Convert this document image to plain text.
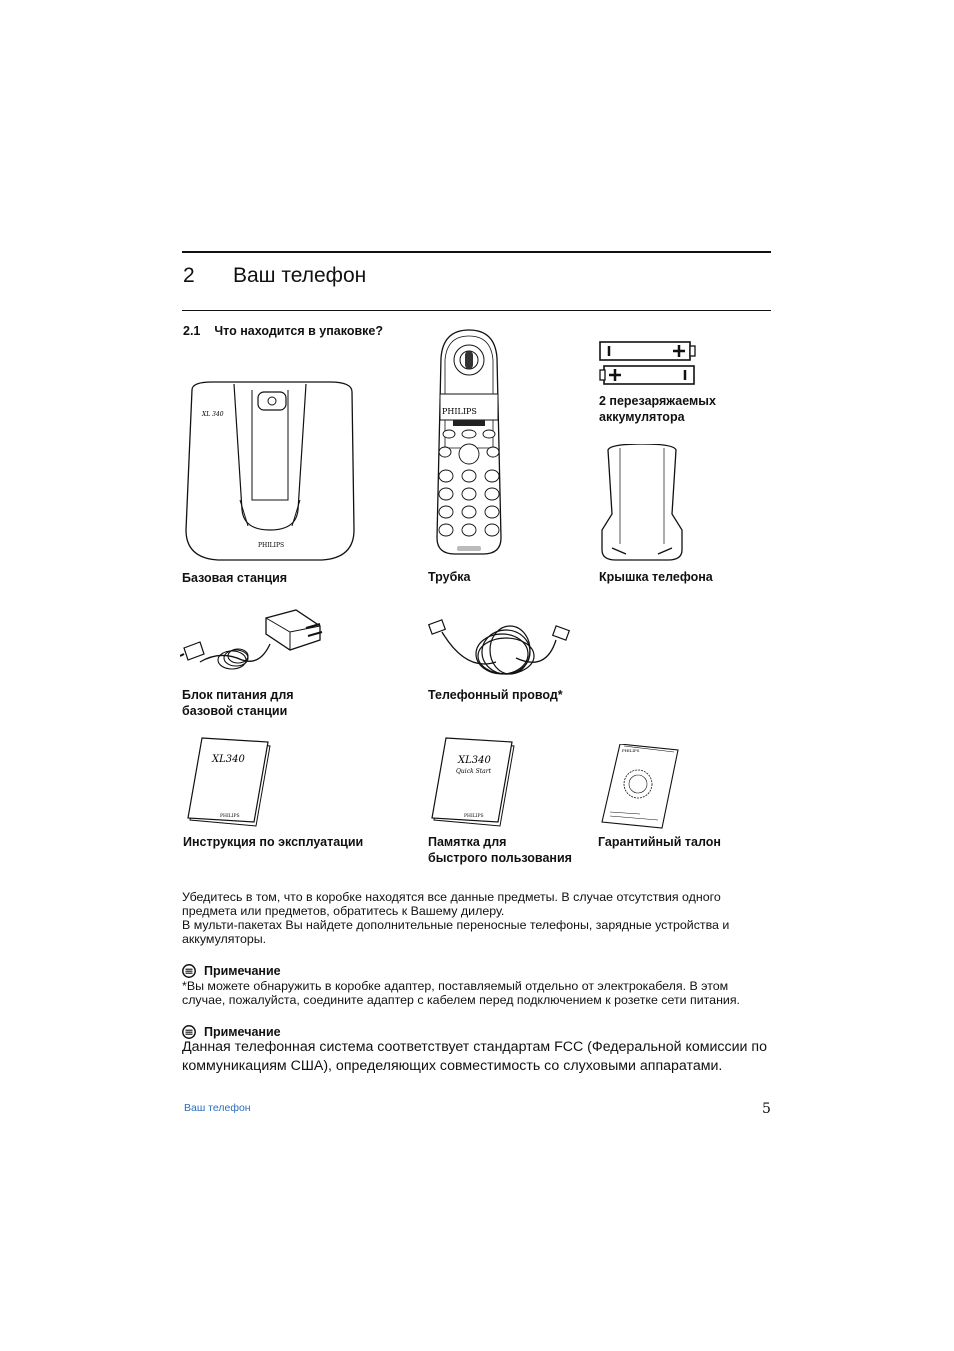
2 Ваш телефон
2.1 Что находится в упаковке?
XL 340
PHILIPS
PHILIPS
XL340
PHILIPS
XL340
Quick Start
PHILIPS
PHILIPS
Базовая станция	Трубка
2 перезаряжаемых
аккумулятора
Крышка телефона
Блок питания для
базовой станции
Телефонный провод*
Инструкция по эксплуатации	Памятка для
быстрого пользования
Гарантийный талон
Убедитесь в том, что в коробке находятся все данные предметы. В случае отсутствия одного предмета или предметов, обратитесь к Вашему дилеру.
В мульти-пакетах Вы найдете дополнительные переносные телефоны, зарядные устройства и аккумуляторы.
Примечание
*Вы можете обнаружить в коробке адаптер, поставляемый отдельно от электрокабеля. В этом случае, пожалуйста, соедините адаптер с кабелем перед подключением к розетке сети питания.
Примечание
Данная телефонная система соответствует стандартам FCC (Федеральной комиссии по коммуникациям США), определяющих совместимость со слуховыми аппаратами.
Ваш телефон	5
